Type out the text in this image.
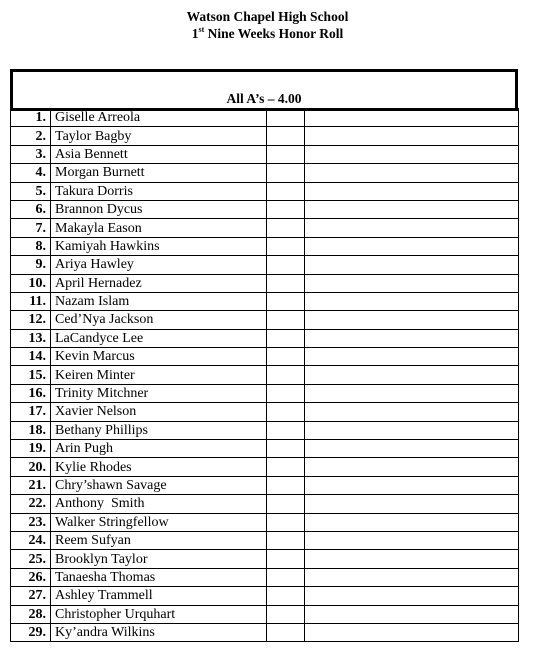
Watson Chapel High School
1st Nine Weeks Honor Roll
All A’s – 4.00
1.	Giselle Arreola		
2.	Taylor Bagby		
3.	Asia Bennett		
4.	Morgan Burnett		
5.	Takura Dorris		
6.	Brannon Dycus		
7.	Makayla Eason		
8.	Kamiyah Hawkins		
9.	Ariya Hawley		
10.	April Hernadez		
11.	Nazam Islam		
12.	Ced’Nya Jackson		
13.	LaCandyce Lee		
14.	Kevin Marcus		
15.	Keiren Minter		
16.	Trinity Mitchner		
17.	Xavier Nelson		
18.	Bethany Phillips		
19.	Arin Pugh		
20.	Kylie Rhodes		
21.	Chry’shawn Savage		
22.	Anthony  Smith		
23.	Walker Stringfellow		
24.	Reem Sufyan		
25.	Brooklyn Taylor		
26.	Tanaesha Thomas		
27.	Ashley Trammell		
28.	Christopher Urquhart		
29.	Ky’andra Wilkins		
